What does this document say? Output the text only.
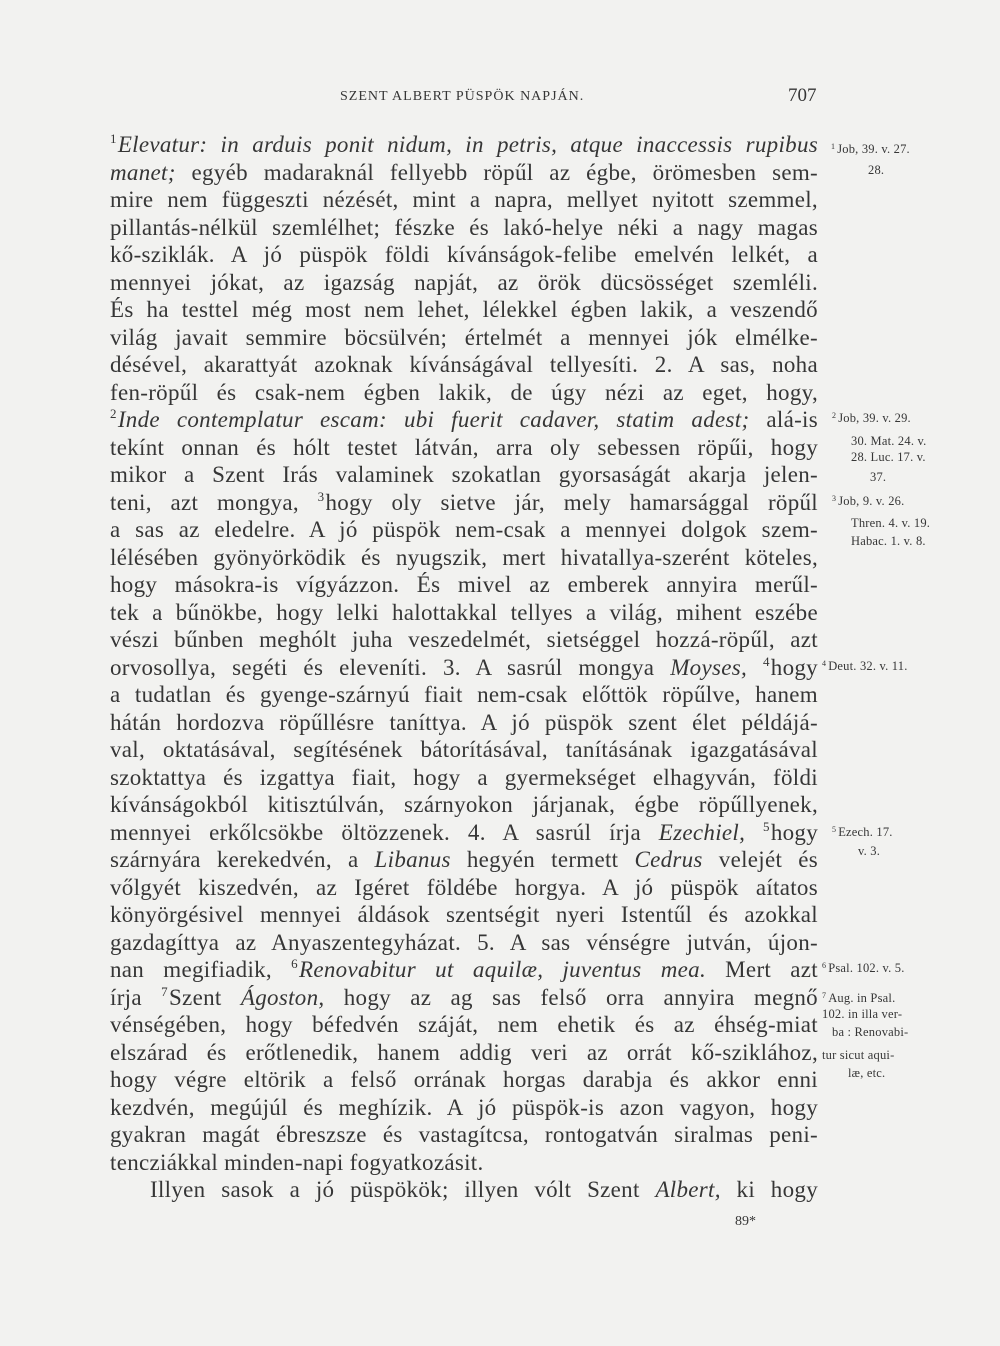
SZENT ALBERT PÜSPÖK NAPJÁN.	707
$^1$Elevatur: in arduis ponit nidum, in petris, atque inaccessis rupibus
manet; egyéb madaraknál fellyebb röpűl az égbe, örömesben sem-
mire nem függeszti nézését, mint a napra, mellyet nyitott szemmel,
pillantás-nélkül szemlélhet; fészke és lakó-helye néki a nagy magas
kő-sziklák. A jó püspök földi kívánságok-felibe emelvén lelkét, a
mennyei jókat, az igazság napját, az örök dücsösséget szemléli.
És ha testtel még most nem lehet, lélekkel égben lakik, a veszendő
világ javait semmire böcsülvén; értelmét a mennyei jók elmélke-
désével, akarattyát azoknak kívánságával tellyesíti. 2. A sas, noha
fen-röpűl és csak-nem égben lakik, de úgy nézi az eget, hogy,
$^2$Inde contemplatur escam: ubi fuerit cadaver, statim adest; alá-is
tekínt onnan és hólt testet látván, arra oly sebessen röpűi, hogy
mikor a Szent Irás valaminek szokatlan gyorsaságát akarja jelen-
teni, azt mongya, $^3$hogy oly sietve jár, mely hamarsággal röpűl
a sas az eledelre. A jó püspök nem-csak a mennyei dolgok szem-
lélésében gyönyörködik és nyugszik, mert hivatallya-szerént köteles,
hogy másokra-is vígyázzon. És mivel az emberek annyira merűl-
tek a bűnökbe, hogy lelki halottakkal tellyes a világ, mihent eszébe
vészi bűnben meghólt juha veszedelmét, sietséggel hozzá-röpűl, azt
orvosollya, segéti és eleveníti. 3. A sasrúl mongya Moyses, $^4$hogy
a tudatlan és gyenge-szárnyú fiait nem-csak előttök röpűlve, hanem
hátán hordozva röpűllésre taníttya. A jó püspök szent élet példájá-
val, oktatásával, segítésének bátorításával, tanításának igazgatásával
szoktattya és izgattya fiait, hogy a gyermekséget elhagyván, földi
kívánságokból kitisztúlván, szárnyokon járjanak, égbe röpűllyenek,
mennyei erkőlcsökbe öltözzenek. 4. A sasrúl írja Ezechiel, $^5$hogy
szárnyára kerekedvén, a Libanus hegyén termett Cedrus velejét és
vőlgyét kiszedvén, az Igéret földébe horgya. A jó püspök aítatos
könyörgésivel mennyei áldások szentségit nyeri Istentűl és azokkal
gazdagíttya az Anyaszentegyházat. 5. A sas vénségre jutván, újon-
nan megifiadik, $^6$Renovabitur ut aquilæ, juventus mea. Mert azt
írja $^7$Szent Ágoston, hogy az ag sas felső orra annyira megnő
vénségében, hogy béfedvén száját, nem ehetik és az éhség-miat
elszárad és erőtlenedik, hanem addig veri az orrát kő-sziklához,
hogy végre eltörik a felső orrának horgas darabja és akkor enni
kezdvén, megújúl és meghízik. A jó püspök-is azon vagyon, hogy
gyakran magát ébreszsze és vastagítcsa, rontogatván siralmas peni-
tencziákkal minden-napi fogyatkozásit.
Illyen sasok a jó püspökök; illyen vólt Szent Albert, ki hogy
$^1$ Job, 39. v. 27.
28.
$^2$ Job, 39. v. 29.
30. Mat. 24. v.
28. Luc. 17. v.
37.
$^3$ Job, 9. v. 26.
Thren. 4. v. 19.
Habac. 1. v. 8.
$^4$ Deut. 32. v. 11.
$^5$ Ezech. 17.
v. 3.
$^6$ Psal. 102. v. 5.
$^7$ Aug. in Psal.
102. in illa ver-
ba : Renovabi-
tur sicut aqui-
læ, etc.
89*
